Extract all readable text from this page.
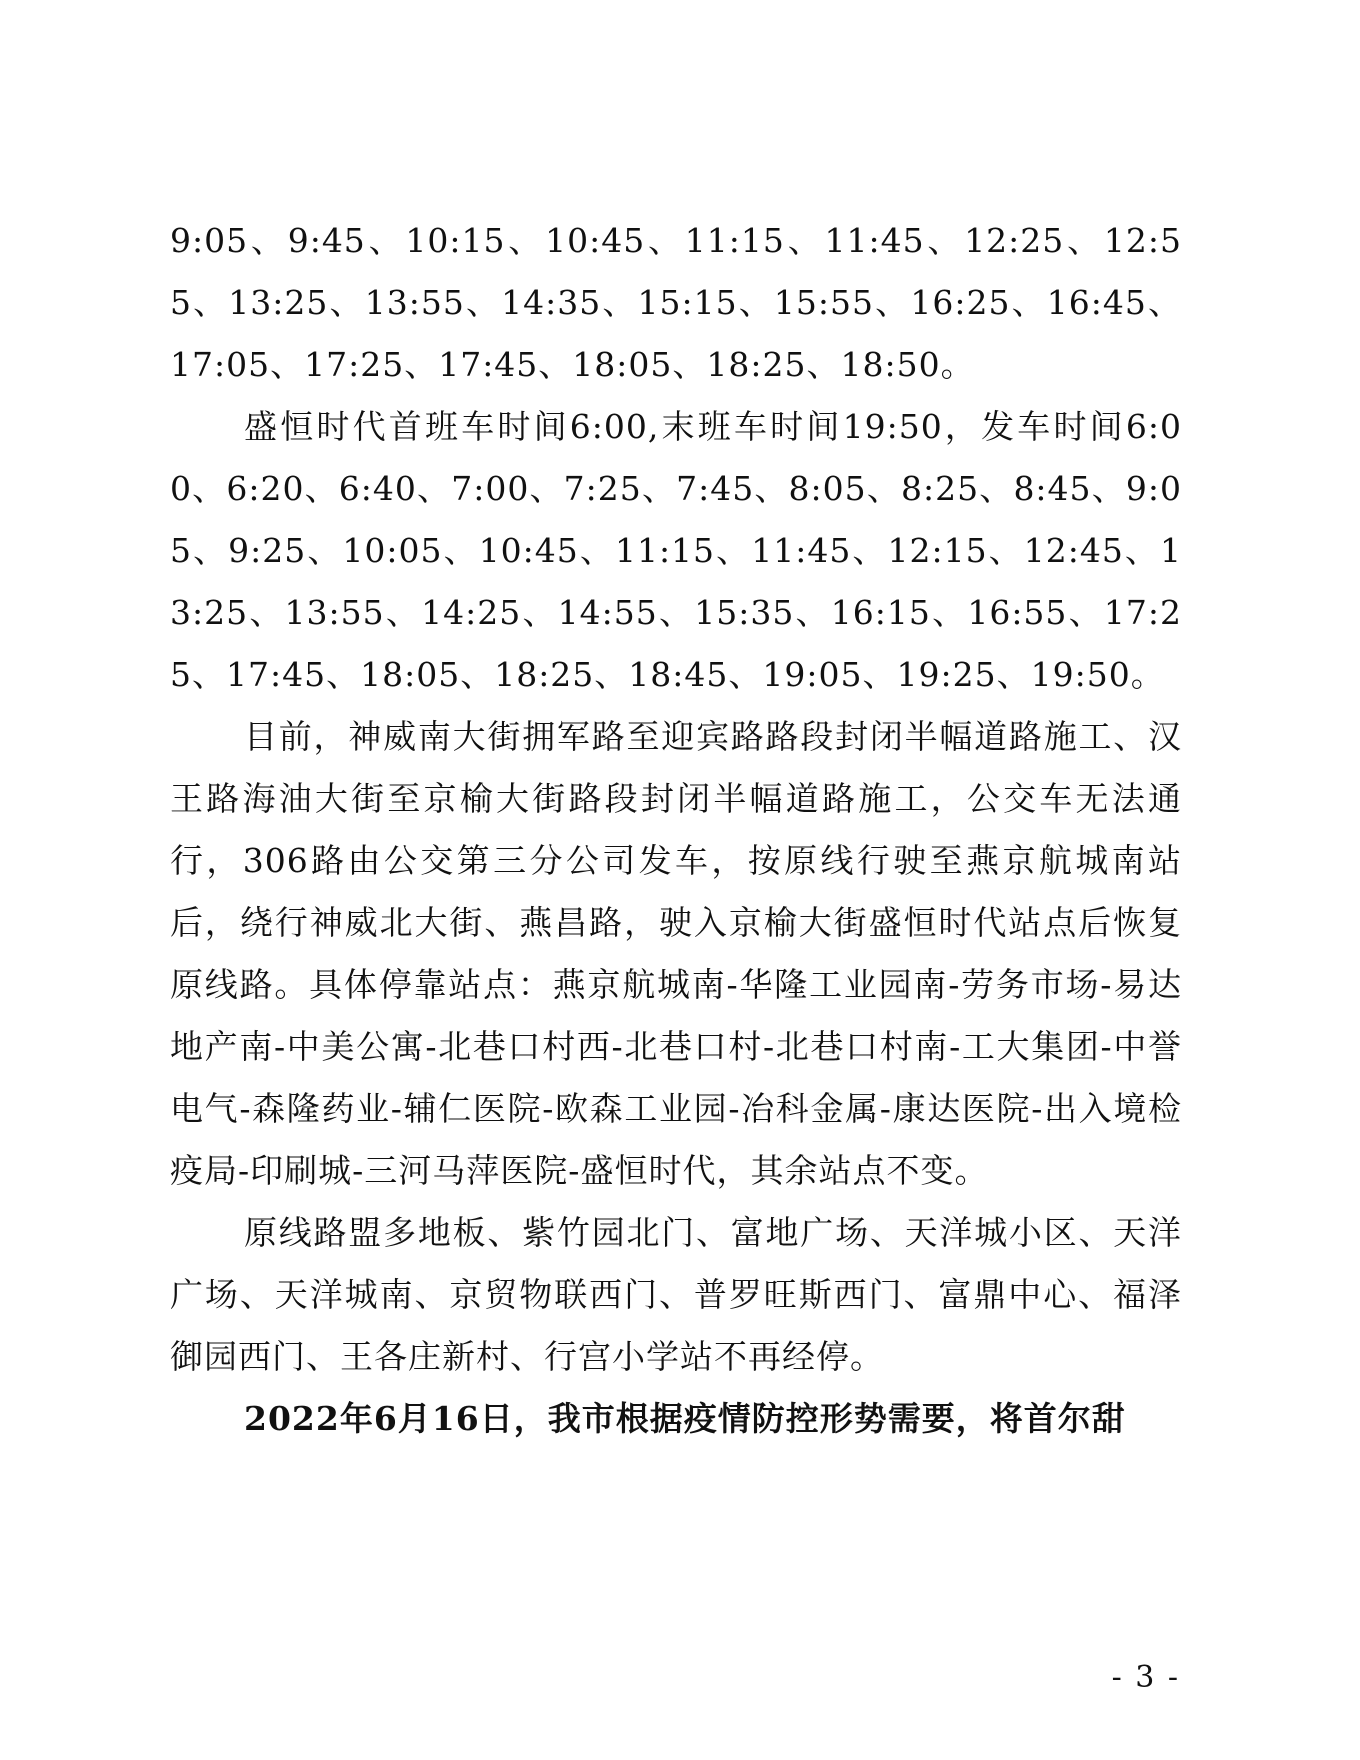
9:05、9:45、10:15、10:45、11:15、11:45、12:25、12:55、13:25、13:55、14:35、15:15、15:55、16:25、16:45、17:05、17:25、17:45、18:05、18:25、18:50。

盛恒时代首班车时间6:00,末班车时间19:50，发车时间6:00、6:20、6:40、7:00、7:25、7:45、8:05、8:25、8:45、9:05、9:25、10:05、10:45、11:15、11:45、12:15、12:45、13:25、13:55、14:25、14:55、15:35、16:15、16:55、17:25、17:45、18:05、18:25、18:45、19:05、19:25、19:50。

目前，神威南大街拥军路至迎宾路路段封闭半幅道路施工、汉王路海油大街至京榆大街路段封闭半幅道路施工，公交车无法通行，306路由公交第三分公司发车，按原线行驶至燕京航城南站后，绕行神威北大街、燕昌路，驶入京榆大街盛恒时代站点后恢复原线路。具体停靠站点：燕京航城南-华隆工业园南-劳务市场-易达地产南-中美公寓-北巷口村西-北巷口村-北巷口村南-工大集团-中誉电气-森隆药业-辅仁医院-欧森工业园-冶科金属-康达医院-出入境检疫局-印刷城-三河马萍医院-盛恒时代，其余站点不变。

原线路盟多地板、紫竹园北门、富地广场、天洋城小区、天洋广场、天洋城南、京贸物联西门、普罗旺斯西门、富鼎中心、福泽御园西门、王各庄新村、行宫小学站不再经停。

2022年6月16日，我市根据疫情防控形势需要，将首尔甜

- 3 -
